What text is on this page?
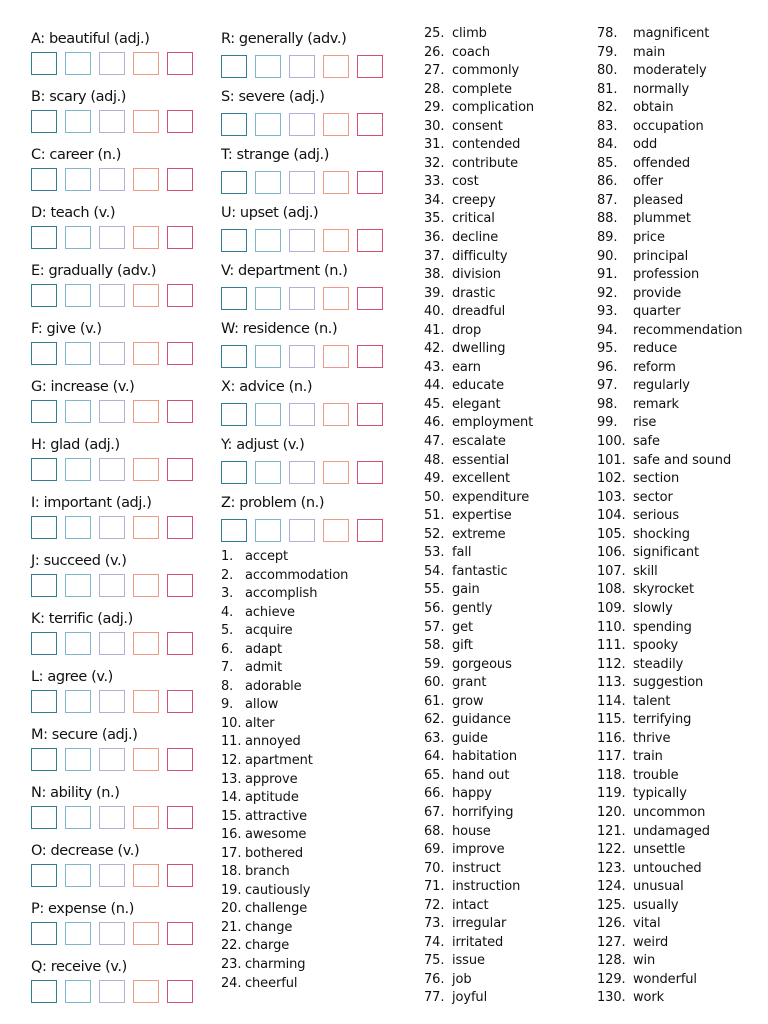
A: beautiful (adj.)
B: scary (adj.)
C: career (n.)
D: teach (v.)
E: gradually (adv.)
F: give (v.)
G: increase (v.)
H: glad (adj.)
I: important (adj.)
J: succeed (v.)
K: terrific (adj.)
L: agree (v.)
M: secure (adj.)
N: ability (n.)
O: decrease (v.)
P: expense (n.)
Q: receive (v.)
R: generally (adv.)
S: severe (adj.)
T: strange (adj.)
U: upset (adj.)
V: department (n.)
W: residence (n.)
X: advice (n.)
Y: adjust (v.)
Z: problem (n.)
1. accept
2. accommodation
3. accomplish
4. achieve
5. acquire
6. adapt
7. admit
8. adorable
9. allow
10. alter
11. annoyed
12. apartment
13. approve
14. aptitude
15. attractive
16. awesome
17. bothered
18. branch
19. cautiously
20. challenge
21. change
22. charge
23. charming
24. cheerful
25. climb
26. coach
27. commonly
28. complete
29. complication
30. consent
31. contended
32. contribute
33. cost
34. creepy
35. critical
36. decline
37. difficulty
38. division
39. drastic
40. dreadful
41. drop
42. dwelling
43. earn
44. educate
45. elegant
46. employment
47. escalate
48. essential
49. excellent
50. expenditure
51. expertise
52. extreme
53. fall
54. fantastic
55. gain
56. gently
57. get
58. gift
59. gorgeous
60. grant
61. grow
62. guidance
63. guide
64. habitation
65. hand out
66. happy
67. horrifying
68. house
69. improve
70. instruct
71. instruction
72. intact
73. irregular
74. irritated
75. issue
76. job
77. joyful
78.	magnificent
79.	main
80.	moderately
81.	normally
82.	obtain
83.	occupation
84.	odd
85.	offended
86.	offer
87.	pleased
88.	plummet
89.	price
90.	principal
91.	profession
92.	provide
93.	quarter
94.	recommendation
95.	reduce
96.	reform
97.	regularly
98.	remark
99.	rise
100. safe
101. safe and sound
102. section
103. sector
104. serious
105. shocking
106. significant
107. skill
108. skyrocket
109. slowly
110. spending
111. spooky
112. steadily
113. suggestion
114. talent
115. terrifying
116. thrive
117. train
118. trouble
119. typically
120. uncommon
121. undamaged
122. unsettle
123. untouched
124. unusual
125. usually
126. vital
127. weird
128. win
129. wonderful
130. work
